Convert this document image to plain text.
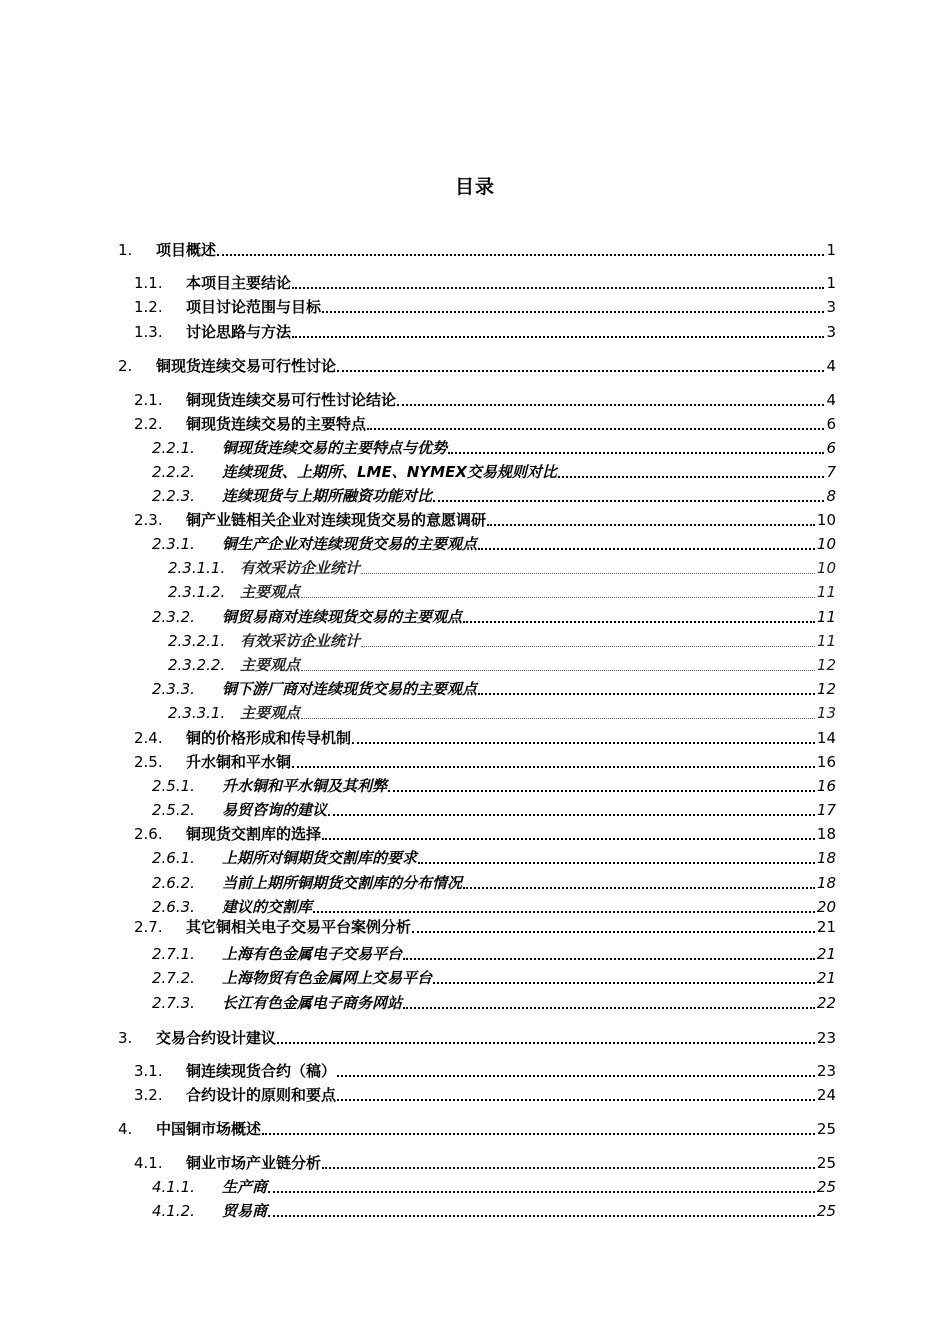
目录
1.	项目概述	1
1.1.	本项目主要结论	1
1.2.	项目讨论范围与目标	3
1.3.	讨论思路与方法	3
2.	铜现货连续交易可行性讨论	4
2.1.	铜现货连续交易可行性讨论结论	4
2.2.	铜现货连续交易的主要特点	6
2.2.1.	铜现货连续交易的主要特点与优势	6
2.2.2.	连续现货、上期所、LME、NYMEX交易规则对比	7
2.2.3.	连续现货与上期所融资功能对比	8
2.3.	铜产业链相关企业对连续现货交易的意愿调研	10
2.3.1.	铜生产企业对连续现货交易的主要观点	10
2.3.1.1. 有效采访企业统计	10
2.3.1.2. 主要观点	11
2.3.2.	铜贸易商对连续现货交易的主要观点	11
2.3.2.1. 有效采访企业统计	11
2.3.2.2. 主要观点	12
2.3.3.	铜下游厂商对连续现货交易的主要观点	12
2.3.3.1. 主要观点	13
2.4.	铜的价格形成和传导机制	14
2.5.	升水铜和平水铜	16
2.5.1.	升水铜和平水铜及其利弊	16
2.5.2.	易贸咨询的建议	17
2.6.	铜现货交割库的选择	18
2.6.1.	上期所对铜期货交割库的要求	18
2.6.2.	当前上期所铜期货交割库的分布情况	18
2.6.3.	建议的交割库	20
2.7.	其它铜相关电子交易平台案例分析	21
2.7.1.	上海有色金属电子交易平台	21
2.7.2.	上海物贸有色金属网上交易平台	21
2.7.3.	长江有色金属电子商务网站	22
3.	交易合约设计建议	23
3.1.	铜连续现货合约（稿）	23
3.2.	合约设计的原则和要点	24
4.	中国铜市场概述	25
4.1.	铜业市场产业链分析	25
4.1.1.	生产商	25
4.1.2.	贸易商	25
